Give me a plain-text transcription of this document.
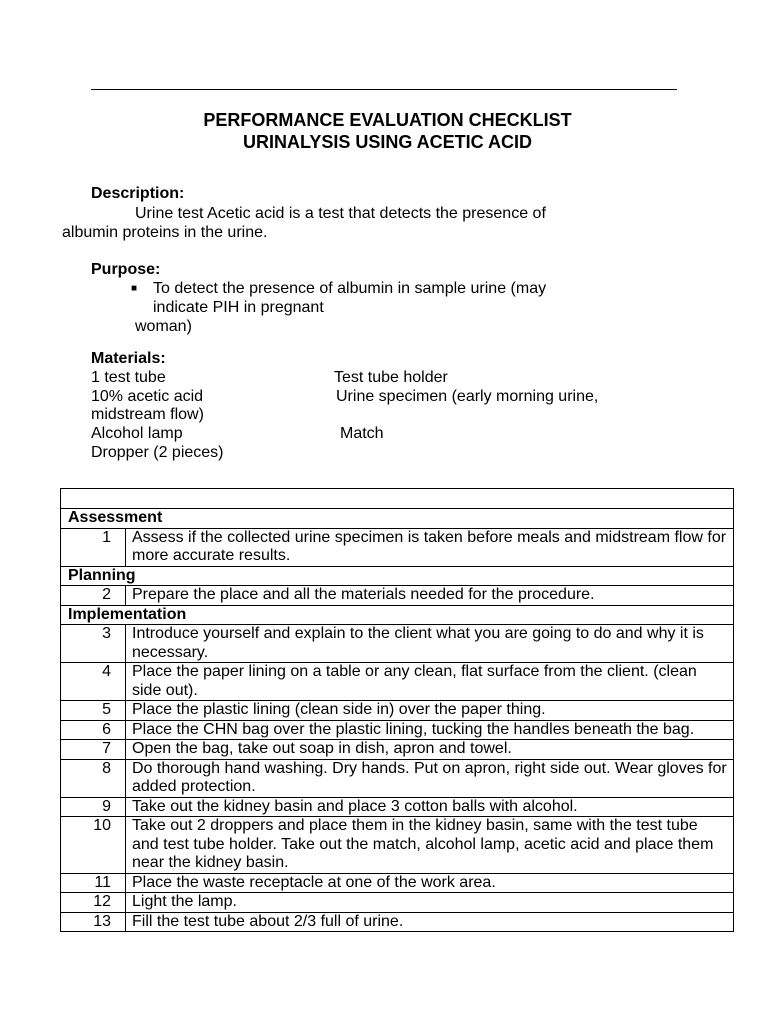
PERFORMANCE EVALUATION CHECKLIST
URINALYSIS USING ACETIC ACID
Description:
Urine test Acetic acid is a test that detects the presence of
albumin proteins in the urine.
Purpose:
■ To detect the presence of albumin in sample urine (may
indicate PIH in pregnant
woman)
Materials:
1 test tube	Test tube holder
10% acetic acid	Urine specimen (early morning urine,
midstream flow)
Alcohol lamp	Match
Dropper (2 pieces)

Assessment	
1	Assess if the collected urine specimen is taken before meals and midstream flow for more accurate results.
Planning	
2	Prepare the place and all the materials needed for the procedure.
Implementation	
3	Introduce yourself and explain to the client what you are going to do and why it is necessary.
4	Place the paper lining on a table or any clean, flat surface from the client. (clean side out).
5	Place the plastic lining (clean side in) over the paper thing.
6	Place the CHN bag over the plastic lining, tucking the handles beneath the bag.
7	Open the bag, take out soap in dish, apron and towel.
8	Do thorough hand washing. Dry hands. Put on apron, right side out. Wear gloves for added protection.
9	Take out the kidney basin and place 3 cotton balls with alcohol.
10	Take out 2 droppers and place them in the kidney basin, same with the test tube and test tube holder. Take out the match, alcohol lamp, acetic acid and place them near the kidney basin.
11	Place the waste receptacle at one of the work area.
12	Light the lamp.
13	Fill the test tube about 2/3 full of urine.
